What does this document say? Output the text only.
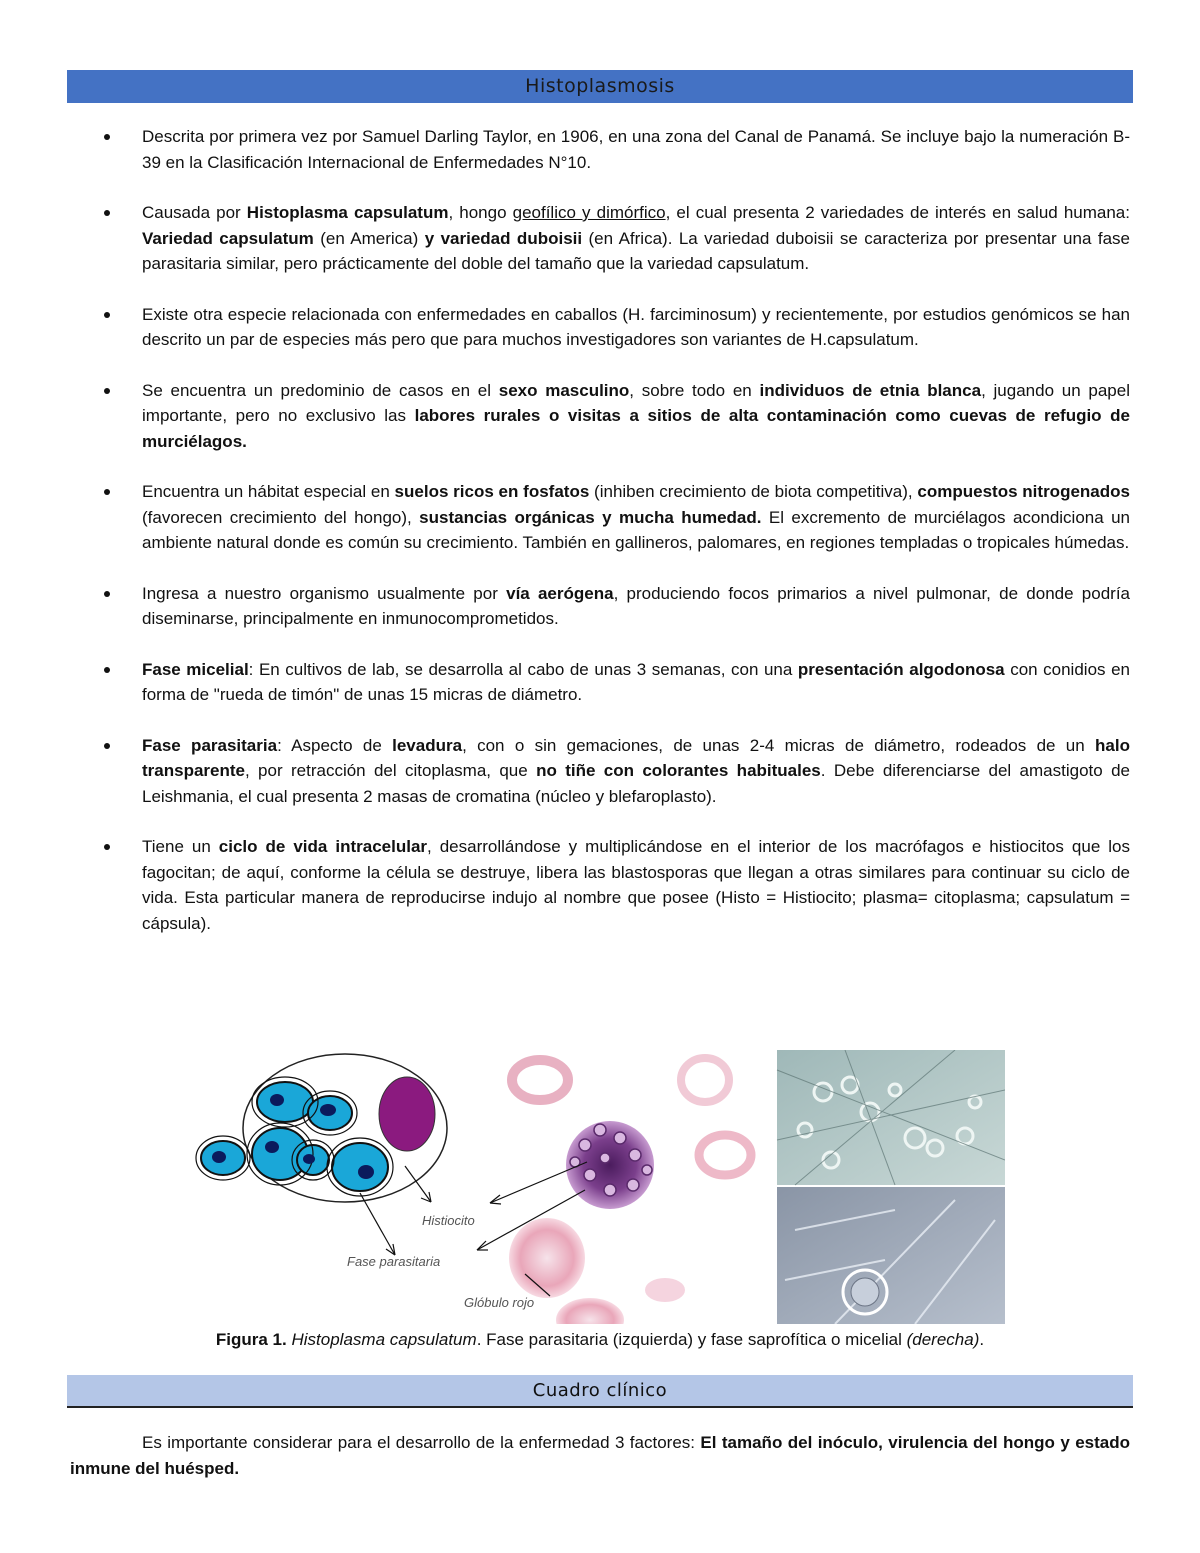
Histoplasmosis
Descrita por primera vez por Samuel Darling Taylor, en 1906, en una zona del Canal de Panamá. Se incluye bajo la numeración B-39 en la Clasificación Internacional de Enfermedades N°10.
Causada por Histoplasma capsulatum, hongo geofílico y dimórfico, el cual presenta 2 variedades de interés en salud humana: Variedad capsulatum (en America) y variedad duboisii (en Africa). La variedad duboisii se caracteriza por presentar una fase parasitaria similar, pero prácticamente del doble del tamaño que la variedad capsulatum.
Existe otra especie relacionada con enfermedades en caballos (H. farciminosum) y recientemente, por estudios genómicos se han descrito un par de especies más pero que para muchos investigadores son variantes de H.capsulatum.
Se encuentra un predominio de casos en el sexo masculino, sobre todo en individuos de etnia blanca, jugando un papel importante, pero no exclusivo las labores rurales o visitas a sitios de alta contaminación como cuevas de refugio de murciélagos.
Encuentra un hábitat especial en suelos ricos en fosfatos (inhiben crecimiento de biota competitiva), compuestos nitrogenados (favorecen crecimiento del hongo), sustancias orgánicas y mucha humedad. El excremento de murciélagos acondiciona un ambiente natural donde es común su crecimiento. También en gallineros, palomares, en regiones templadas o tropicales húmedas.
Ingresa a nuestro organismo usualmente por vía aerógena, produciendo focos primarios a nivel pulmonar, de donde podría diseminarse, principalmente en inmunocomprometidos.
Fase micelial: En cultivos de lab, se desarrolla al cabo de unas 3 semanas, con una presentación algodonosa con conidios en forma de "rueda de timón" de unas 15 micras de diámetro.
Fase parasitaria: Aspecto de levadura, con o sin gemaciones, de unas 2-4 micras de diámetro, rodeados de un halo transparente, por retracción del citoplasma, que no tiñe con colorantes habituales. Debe diferenciarse del amastigoto de Leishmania, el cual presenta 2 masas de cromatina (núcleo y blefaroplasto).
Tiene un ciclo de vida intracelular, desarrollándose y multiplicándose en el interior de los macrófagos e histiocitos que los fagocitan; de aquí, conforme la célula se destruye, libera las blastosporas que llegan a otras similares para continuar su ciclo de vida. Esta particular manera de reproducirse indujo al nombre que posee (Histo = Histiocito; plasma= citoplasma; capsulatum = cápsula).
Histiocito
Fase parasitaria
Glóbulo rojo
Figura 1. Histoplasma capsulatum. Fase parasitaria (izquierda) y fase saprofítica o micelial (derecha).
Cuadro clínico
Es importante considerar para el desarrollo de la enfermedad 3 factores: El tamaño del inóculo, virulencia del hongo y estado inmune del huésped.
